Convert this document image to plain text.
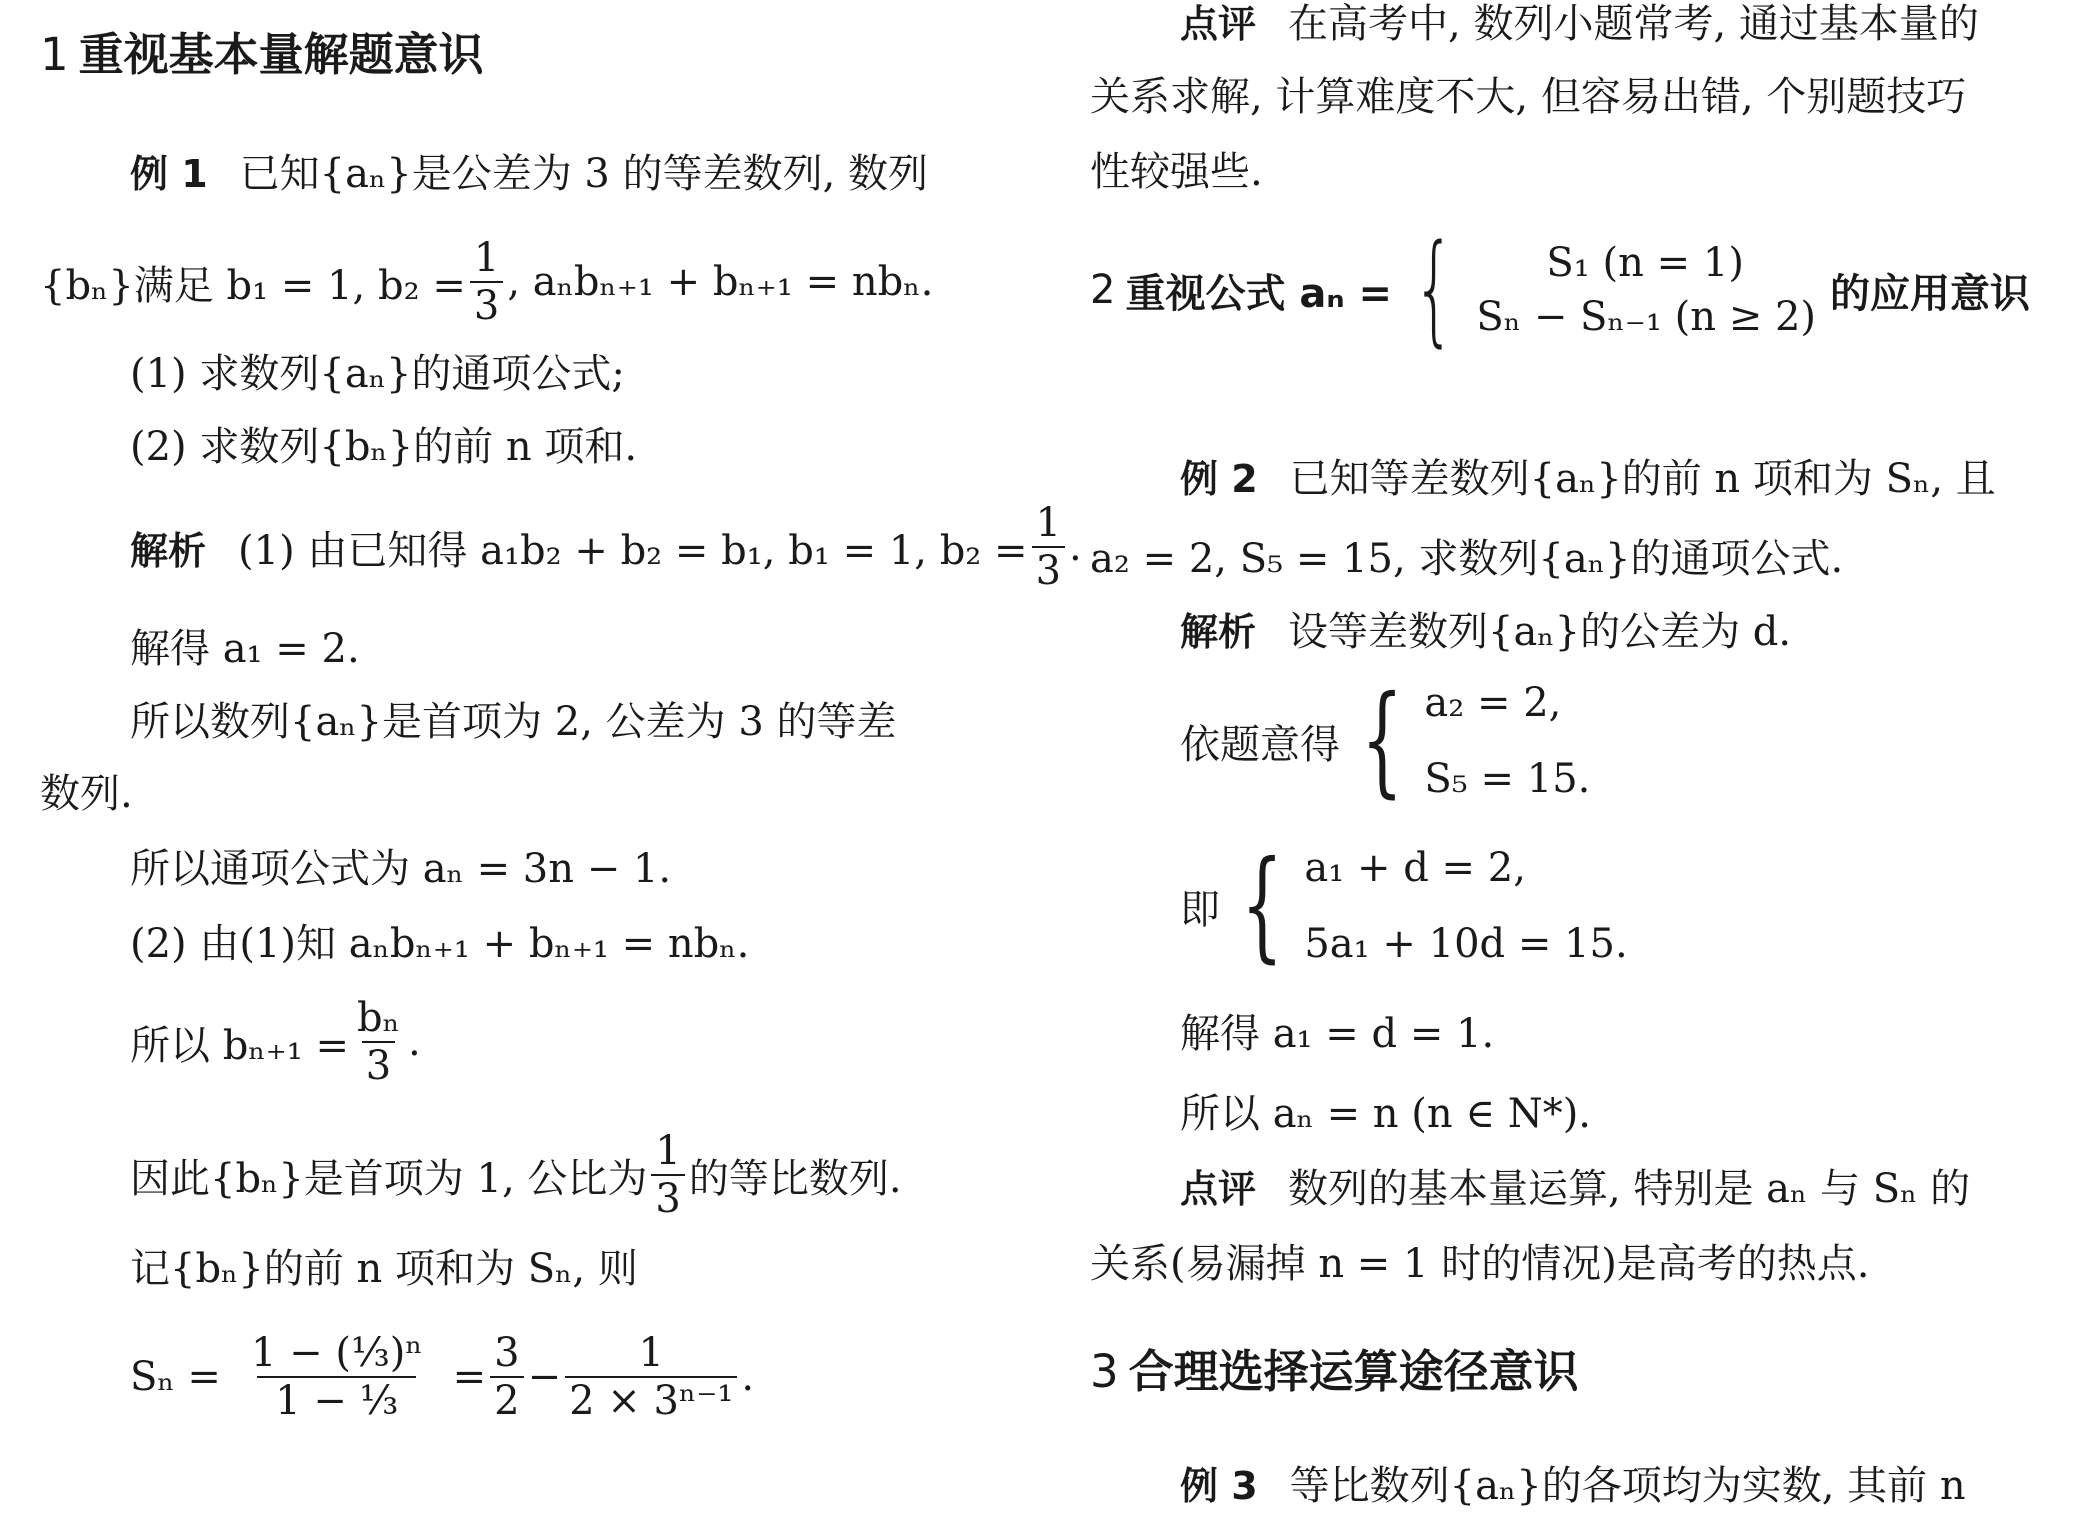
1 重视基本量解题意识
例 1 已知{aₙ}是公差为 3 的等差数列, 数列
{bₙ}满足 b₁ = 1, $b_2 = \frac{1}{3}$ , aₙbₙ₊₁ + bₙ₊₁ = nbₙ.
(1) 求数列{aₙ}的通项公式;
(2) 求数列{bₙ}的前 n 项和.
解析 (1) 由已知得 a₁b₂ + b₂ = b₁, b₁ = 1, $b_2 = \frac{1}{3}$ .
解得 a₁ = 2.
所以数列{aₙ}是首项为 2, 公差为 3 的等差
数列.
所以通项公式为 aₙ = 3n − 1.
(2) 由(1)知 aₙbₙ₊₁ + bₙ₊₁ = nbₙ.
所以 $b_{n+1} = \frac{\text{bₙ}}{3}$ .
因此{bₙ}是首项为 1, 公比为 $\frac{1}{3}$ 的等比数列.
记{bₙ}的前 n 项和为 Sₙ, 则
$S_n = \frac{\text{1 − (⅓)ⁿ}}{\text{1 − ⅓}} = \frac{3}{2} - \frac{1}{\text{2 × 3ⁿ⁻¹}}$ .
点评 在高考中, 数列小题常考, 通过基本量的
关系求解, 计算难度不大, 但容易出错, 个别题技巧
性较强些.
2 重视公式 aₙ = {	S₁ (n = 1)
Sₙ − Sₙ₋₁ (n ≥ 2)
的应用意识
例 2 已知等差数列{aₙ}的前 n 项和为 Sₙ, 且
a₂ = 2, S₅ = 15, 求数列{aₙ}的通项公式.
解析 设等差数列{aₙ}的公差为 d.
依题意得 { a₂ = 2,
S₅ = 15.
即 { a₁ + d = 2,
5a₁ + 10d = 15.
解得 a₁ = d = 1.
所以 aₙ = n (n ∈ N*).
点评 数列的基本量运算, 特别是 aₙ 与 Sₙ 的
关系(易漏掉 n = 1 时的情况)是高考的热点.
3 合理选择运算途径意识
例 3 等比数列{aₙ}的各项均为实数, 其前 n
